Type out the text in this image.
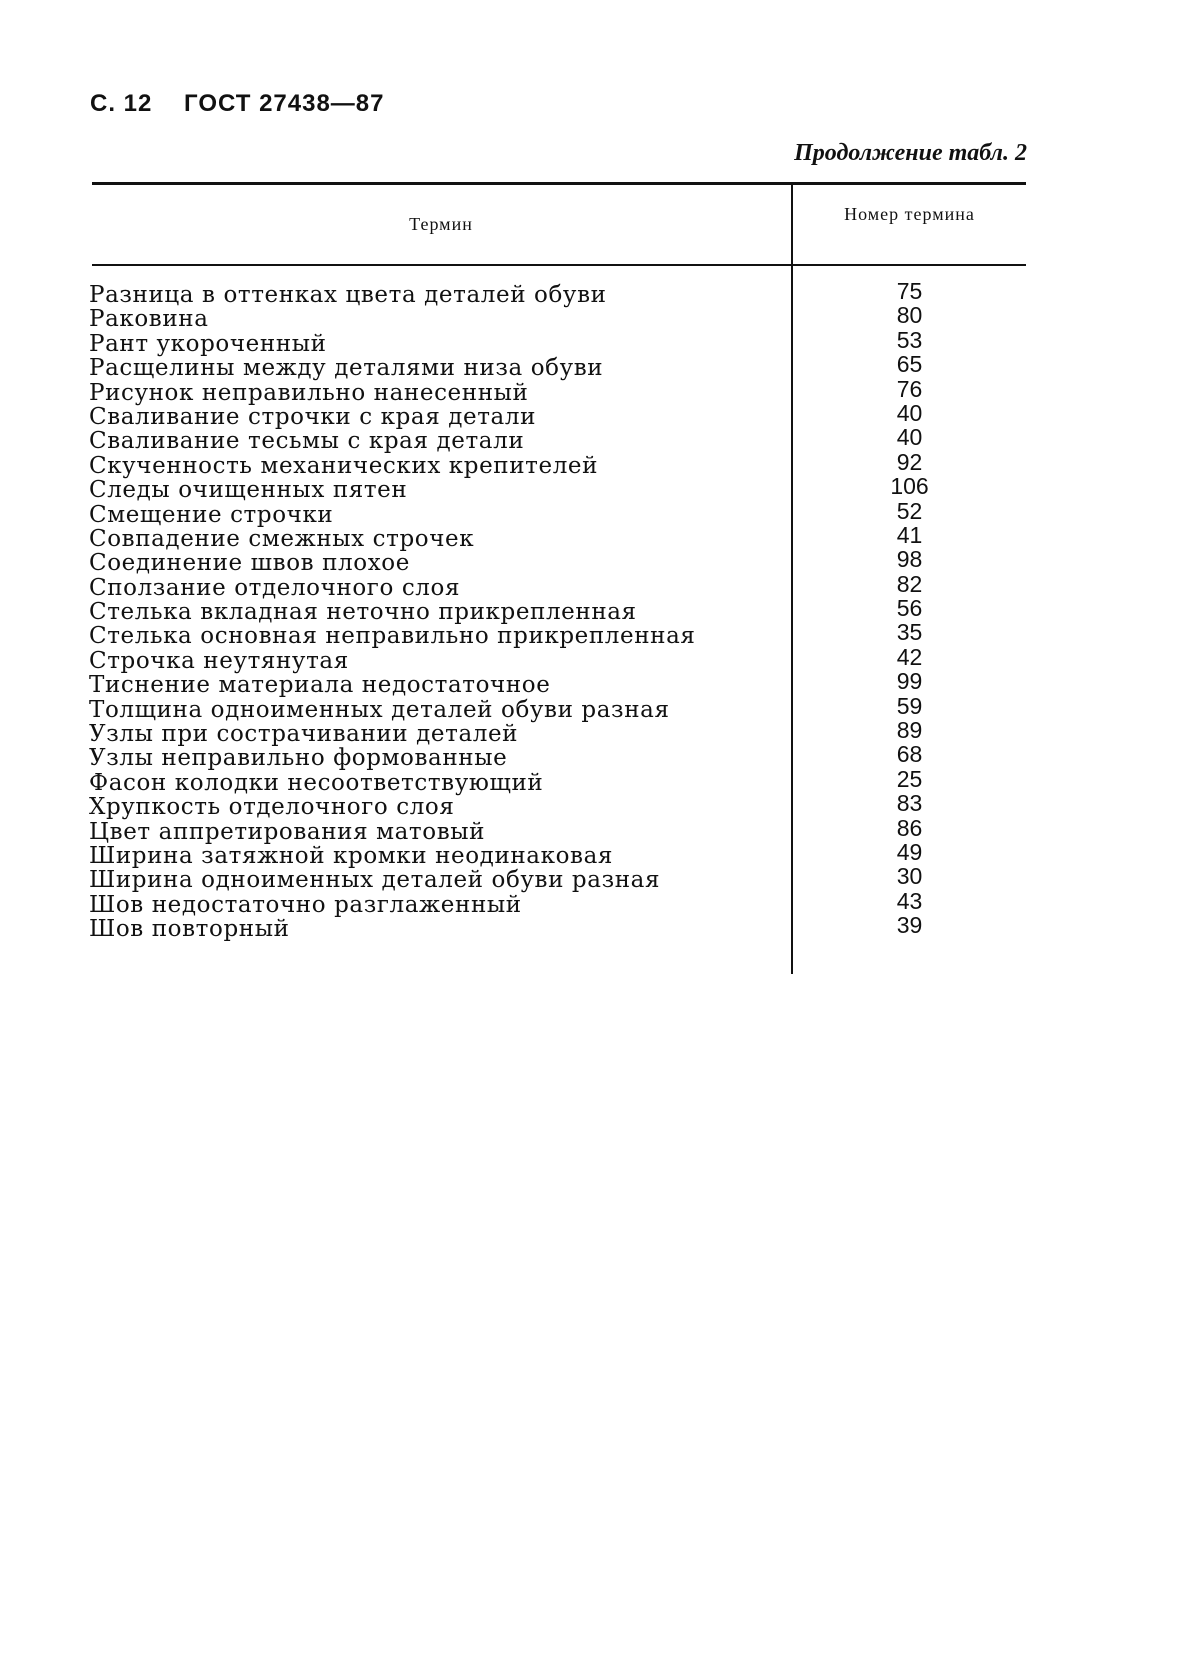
С. 12 ГОСТ 27438—87
Продолжение табл. 2
Термин	Номер термина
Разница в оттенках цвета деталей обуви
Раковина
Рант укороченный
Расщелины между деталями низа обуви
Рисунок неправильно нанесенный
Сваливание строчки с края детали
Сваливание тесьмы с края детали
Скученность механических крепителей
Следы очищенных пятен
Смещение строчки
Совпадение смежных строчек
Соединение швов плохое
Сползание отделочного слоя
Стелька вкладная неточно прикрепленная
Стелька основная неправильно прикрепленная
Строчка неутянутая
Тиснение материала недостаточное
Толщина одноименных деталей обуви разная
Узлы при сострачивании деталей
Узлы неправильно формованные
Фасон колодки несоответствующий
Хрупкость отделочного слоя
Цвет аппретирования матовый
Ширина затяжной кромки неодинаковая
Ширина одноименных деталей обуви разная
Шов недостаточно разглаженный
Шов повторный
75
80
53
65
76
40
40
92
106
52
41
98
82
56
35
42
99
59
89
68
25
83
86
49
30
43
39
